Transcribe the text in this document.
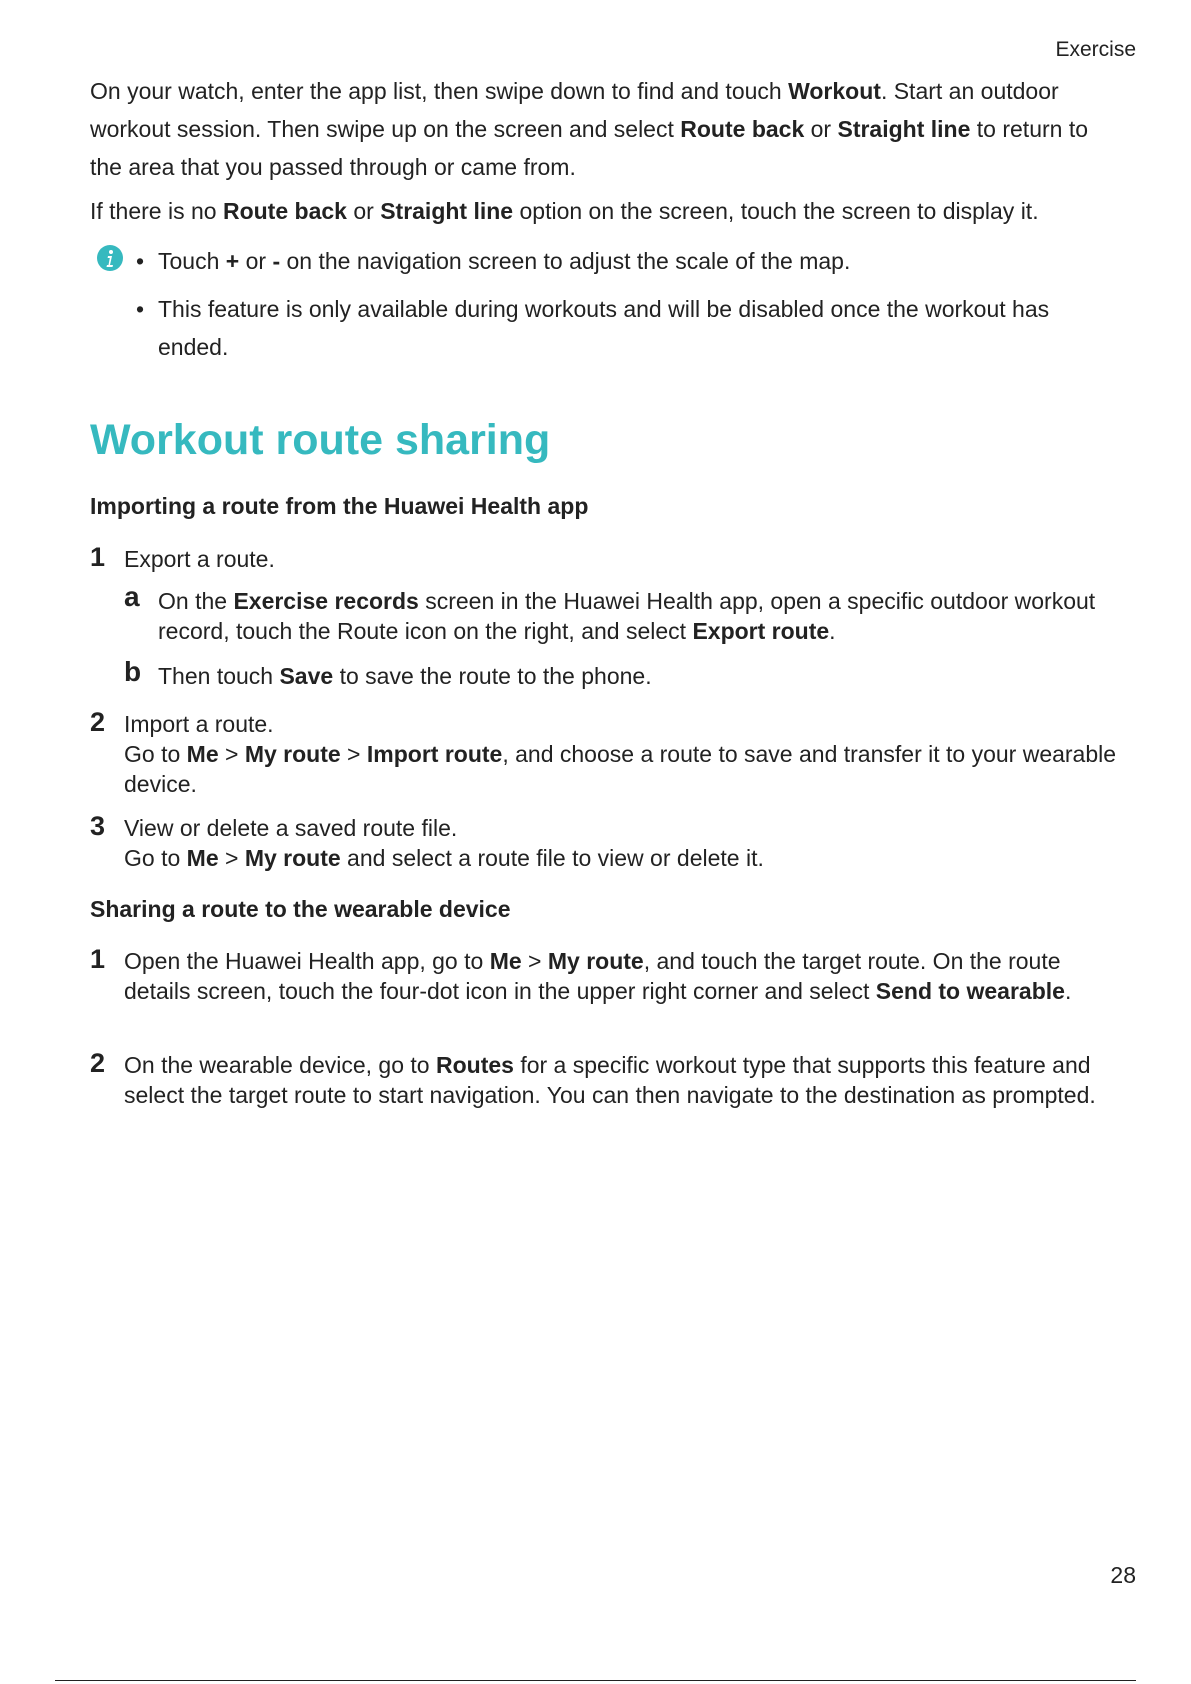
Exercise
On your watch, enter the app list, then swipe down to find and touch Workout. Start an outdoor workout session. Then swipe up on the screen and select Route back or Straight line to return to the area that you passed through or came from.
If there is no Route back or Straight line option on the screen, touch the screen to display it.
• Touch + or - on the navigation screen to adjust the scale of the map.
• This feature is only available during workouts and will be disabled once the workout has ended.
Workout route sharing
Importing a route from the Huawei Health app
1 Export a route.
a On the Exercise records screen in the Huawei Health app, open a specific outdoor workout record, touch the Route icon on the right, and select Export route.
b Then touch Save to save the route to the phone.
2 Import a route.
Go to Me > My route > Import route, and choose a route to save and transfer it to your wearable device.
3 View or delete a saved route file.
Go to Me > My route and select a route file to view or delete it.
Sharing a route to the wearable device
1 Open the Huawei Health app, go to Me > My route, and touch the target route. On the route details screen, touch the four-dot icon in the upper right corner and select Send to wearable.
2 On the wearable device, go to Routes for a specific workout type that supports this feature and select the target route to start navigation. You can then navigate to the destination as prompted.
28
